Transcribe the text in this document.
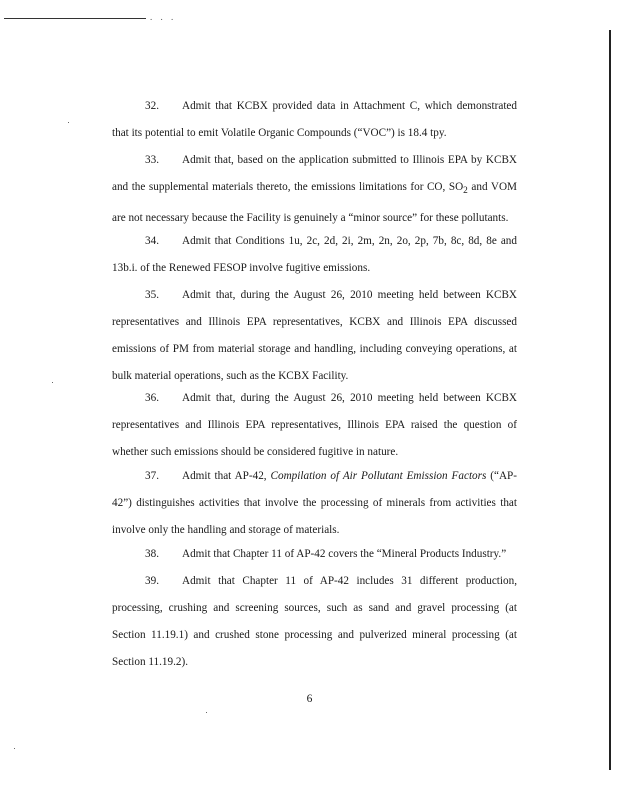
. . .

32. Admit that KCBX provided data in Attachment C, which demonstrated that its potential to emit Volatile Organic Compounds (“VOC”) is 18.4 tpy.

33. Admit that, based on the application submitted to Illinois EPA by KCBX and the supplemental materials thereto, the emissions limitations for CO, $SO_2$ and VOM are not necessary because the Facility is genuinely a “minor source” for these pollutants.

34. Admit that Conditions 1u, 2c, 2d, 2i, 2m, 2n, 2o, 2p, 7b, 8c, 8d, 8e and 13b.i. of the Renewed FESOP involve fugitive emissions.

35. Admit that, during the August 26, 2010 meeting held between KCBX representatives and Illinois EPA representatives, KCBX and Illinois EPA discussed emissions of PM from material storage and handling, including conveying operations, at bulk material operations, such as the KCBX Facility.

36. Admit that, during the August 26, 2010 meeting held between KCBX representatives and Illinois EPA representatives, Illinois EPA raised the question of whether such emissions should be considered fugitive in nature.

37. Admit that AP-42, Compilation of Air Pollutant Emission Factors (“AP-42”) distinguishes activities that involve the processing of minerals from activities that involve only the handling and storage of materials.

38. Admit that Chapter 11 of AP-42 covers the “Mineral Products Industry.”

39. Admit that Chapter 11 of AP-42 includes 31 different production, processing, crushing and screening sources, such as sand and gravel processing (at Section 11.19.1) and crushed stone processing and pulverized mineral processing (at Section 11.19.2).

6
